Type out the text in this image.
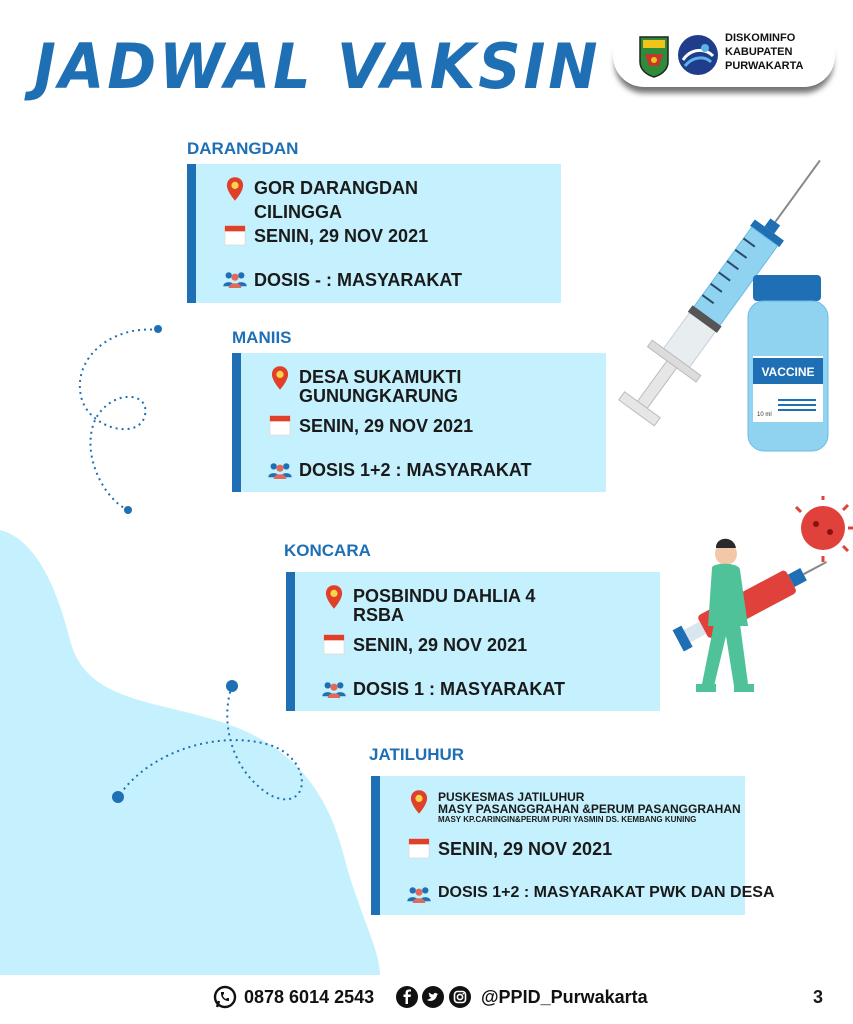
JADWAL VAKSIN	DISKOMINFO
KABUPATEN
PURWAKARTA
DARANGDAN
GOR DARANGDAN
CILINGGA
SENIN, 29 NOV 2021
DOSIS - : MASYARAKAT
MANIIS
DESA SUKAMUKTI
GUNUNGKARUNG
SENIN, 29 NOV 2021
DOSIS 1+2 : MASYARAKAT
KONCARA
POSBINDU DAHLIA 4
RSBA
SENIN, 29 NOV 2021
DOSIS 1 : MASYARAKAT
JATILUHUR
PUSKESMAS JATILUHUR
MASY PASANGGRAHAN &PERUM PASANGGRAHAN
MASY KP.CARINGIN&PERUM PURI YASMIN DS. KEMBANG KUNING
SENIN, 29 NOV 2021
DOSIS 1+2 : MASYARAKAT PWK DAN DESA
VACCINE
10 ml
0878 6014 2543	@PPID_Purwakarta	3
